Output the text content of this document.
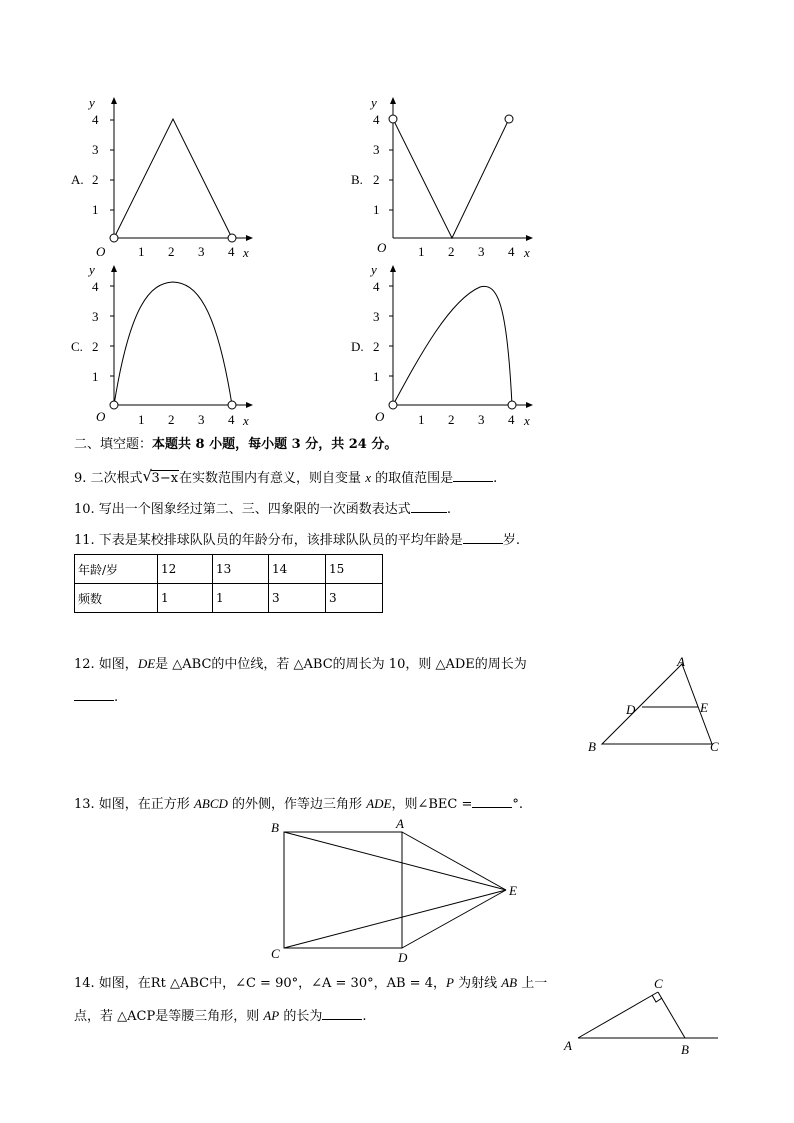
y
4
3
2
1
A.
O	1 2 3 4 x
y
4
3
2
1
B.
O 1 2 3 4 x
y
4
3
2
1
C.
O	1 2 3 4 x
y
4
3
2
1
D.
O	1 2 3 4 x
二、填空题：本题共 8 小题，每小题 3 分，共 24 分。
9. 二次根式 √ 3−x在实数范围内有意义，则自变量 x 的取值范围是	.
10. 写出一个图象经过第二、三、四象限的一次函数表达式	.
11. 下表是某校排球队队员的年龄分布，该排球队队员的平均年龄是	岁.
年龄/岁	12	13	14	15
频数	1	1	3	3
12. 如图，DE是 △ABC的中位线，若 △ABC的周长为 10，则 △ADE的周长为
.
A
D	E
B	C
13. 如图，在正方形 ABCD 的外侧，作等边三角形 ADE，则∠BEC =	°.
B	A
E
C	D
14. 如图，在Rt △ABC中，∠C = 90°，∠A = 30°，AB = 4，P 为射线 AB 上一
点，若 △ACP是等腰三角形，则 AP 的长为	.
C
A	B
